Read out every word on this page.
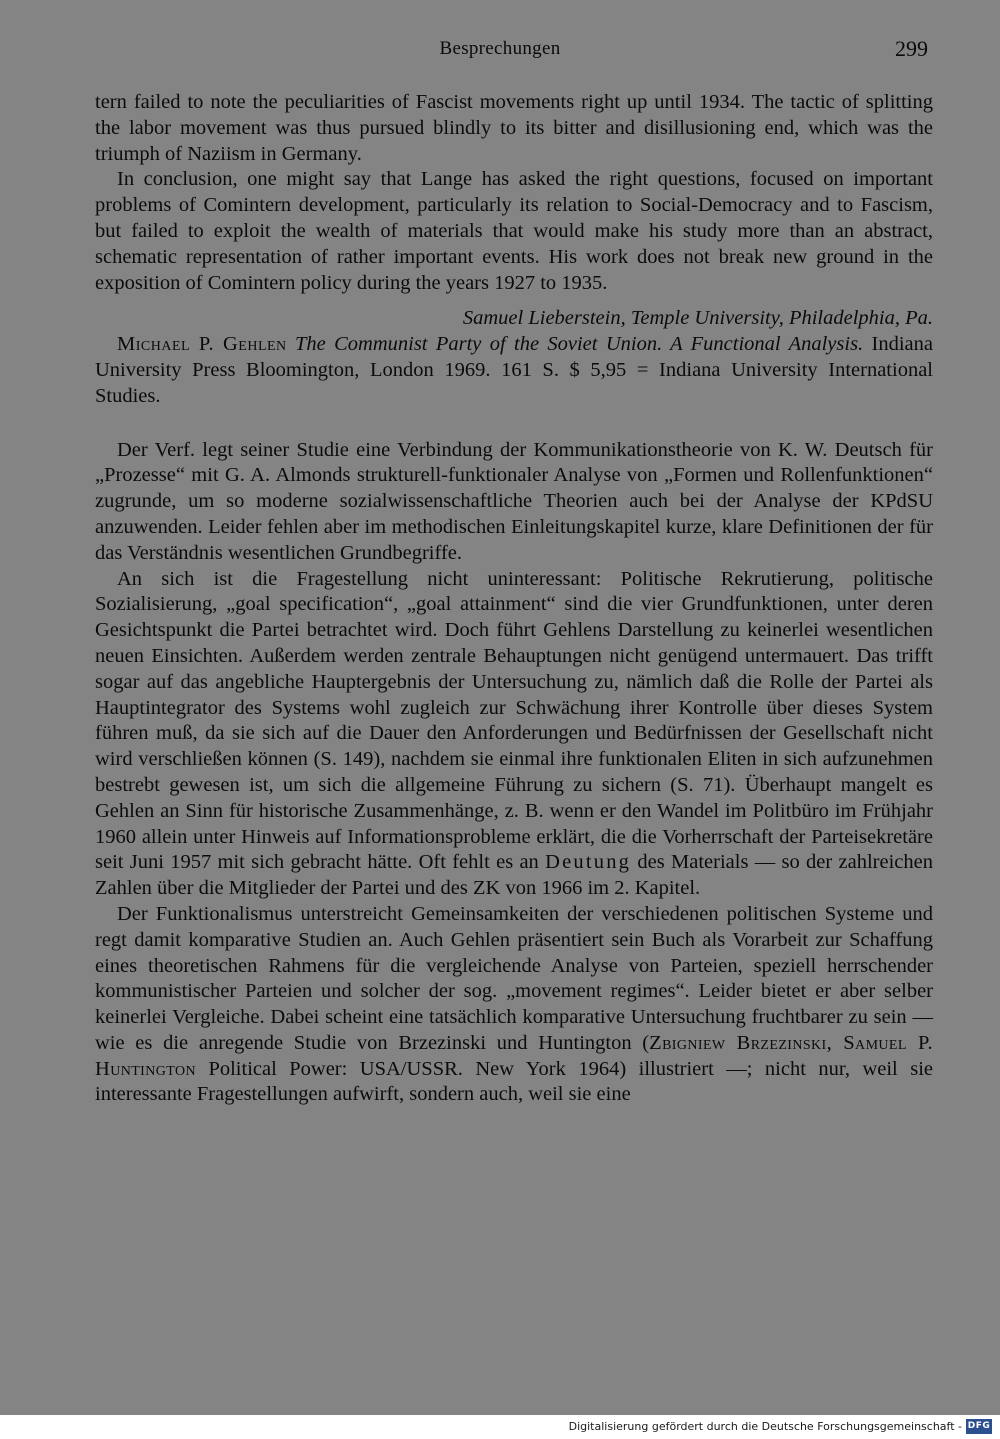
Besprechungen	299

tern failed to note the peculiarities of Fascist movements right up until 1934. The tactic of splitting the labor movement was thus pursued blindly to its bitter and disillusioning end, which was the triumph of Naziism in Germany.

In conclusion, one might say that Lange has asked the right questions, focused on important problems of Comintern development, particularly its relation to Social-Democracy and to Fascism, but failed to exploit the wealth of materials that would make his study more than an abstract, schematic representation of rather important events. His work does not break new ground in the exposition of Comintern policy during the years 1927 to 1935.

Samuel Lieberstein, Temple University, Philadelphia, Pa.

Michael P. Gehlen The Communist Party of the Soviet Union. A Functional Analysis. Indiana University Press Bloomington, London 1969. 161 S. $ 5,95 = Indiana University International Studies.

Der Verf. legt seiner Studie eine Verbindung der Kommunikationstheorie von K. W. Deutsch für „Prozesse“ mit G. A. Almonds strukturell-funktionaler Analyse von „Formen und Rollenfunktionen“ zugrunde, um so moderne sozialwissenschaftliche Theorien auch bei der Analyse der KPdSU anzuwenden. Leider fehlen aber im methodischen Einleitungskapitel kurze, klare Definitionen der für das Verständnis wesentlichen Grundbegriffe.

An sich ist die Fragestellung nicht uninteressant: Politische Rekrutierung, politische Sozialisierung, „goal specification“, „goal attainment“ sind die vier Grundfunktionen, unter deren Gesichtspunkt die Partei betrachtet wird. Doch führt Gehlens Darstellung zu keinerlei wesentlichen neuen Einsichten. Außerdem werden zentrale Behauptungen nicht genügend untermauert. Das trifft sogar auf das angebliche Hauptergebnis der Untersuchung zu, nämlich daß die Rolle der Partei als Hauptintegrator des Systems wohl zugleich zur Schwächung ihrer Kontrolle über dieses System führen muß, da sie sich auf die Dauer den Anforderungen und Bedürfnissen der Gesellschaft nicht wird verschließen können (S. 149), nachdem sie einmal ihre funktionalen Eliten in sich aufzunehmen bestrebt gewesen ist, um sich die allgemeine Führung zu sichern (S. 71). Überhaupt mangelt es Gehlen an Sinn für historische Zusammenhänge, z. B. wenn er den Wandel im Politbüro im Frühjahr 1960 allein unter Hinweis auf Informationsprobleme erklärt, die die Vorherrschaft der Parteisekretäre seit Juni 1957 mit sich gebracht hätte. Oft fehlt es an Deutung des Materials — so der zahlreichen Zahlen über die Mitglieder der Partei und des ZK von 1966 im 2. Kapitel.

Der Funktionalismus unterstreicht Gemeinsamkeiten der verschiedenen politischen Systeme und regt damit komparative Studien an. Auch Gehlen präsentiert sein Buch als Vorarbeit zur Schaffung eines theoretischen Rahmens für die vergleichende Analyse von Parteien, speziell herrschender kommunistischer Parteien und solcher der sog. „movement regimes“. Leider bietet er aber selber keinerlei Vergleiche. Dabei scheint eine tatsächlich komparative Untersuchung fruchtbarer zu sein — wie es die anregende Studie von Brzezinski und Huntington (Zbigniew Brzezinski, Samuel P. Huntington Political Power: USA/USSR. New York 1964) illustriert —; nicht nur, weil sie interessante Fragestellungen aufwirft, sondern auch, weil sie eine

Digitalisierung gefördert durch die Deutsche Forschungsgemeinschaft - DFG
